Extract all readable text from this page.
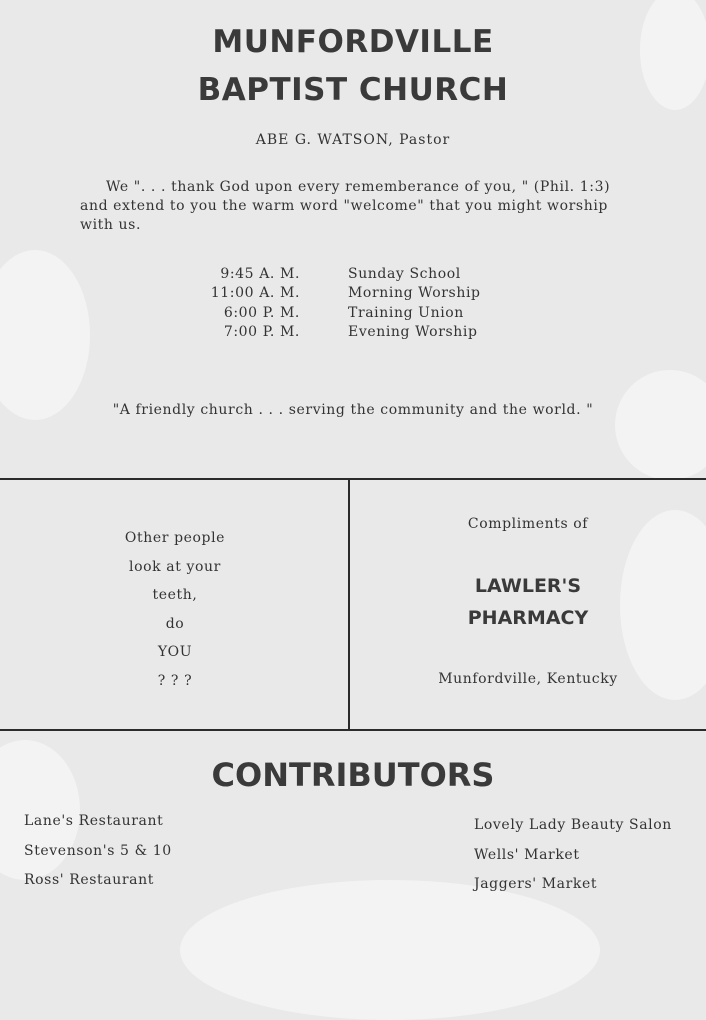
MUNFORDVILLE
BAPTIST CHURCH
ABE G. WATSON, Pastor
We ". . . thank God upon every rememberance of you, " (Phil. 1:3) and extend to you the warm word "welcome" that you might worship with us.
9:45 A. M.	Sunday School
11:00 A. M.	Morning Worship
6:00 P. M.	Training Union
7:00 P. M.	Evening Worship
"A friendly church . . . serving the community and the world. "
Other people
look at your
teeth,
do
YOU
? ? ?
Compliments of
LAWLER'S
PHARMACY
Munfordville, Kentucky
CONTRIBUTORS
Lane's Restaurant
Stevenson's 5 & 10
Ross' Restaurant
Lovely Lady Beauty Salon
Wells' Market
Jaggers' Market
